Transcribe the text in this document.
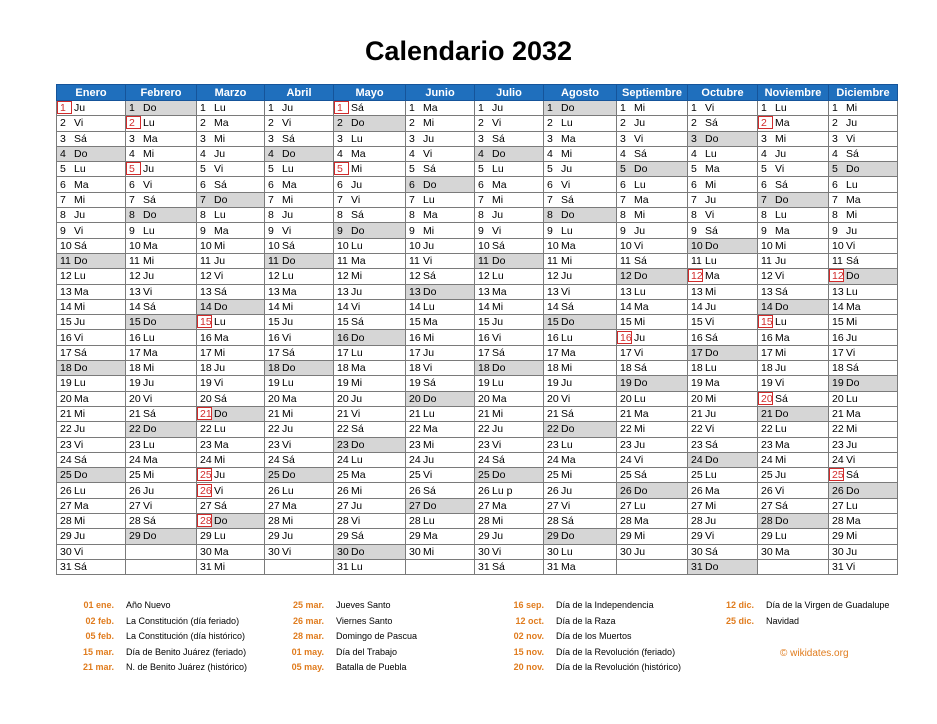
Calendario 2032
Enero	Febrero	Marzo	Abril	Mayo	Junio	Julio	Agosto	Septiembre	Octubre	Noviembre	Diciembre
1 Ju	1 Do	1 Lu	1 Ju	1 Sá	1 Ma	1 Ju	1 Do	1 Mi	1 Vi	1 Lu	1 Mi
2 Vi	2 Lu	2 Ma	2 Vi	2 Do	2 Mi	2 Vi	2 Lu	2 Ju	2 Sá	2 Ma	2 Ju
3 Sá	3 Ma	3 Mi	3 Sá	3 Lu	3 Ju	3 Sá	3 Ma	3 Vi	3 Do	3 Mi	3 Vi
4 Do	4 Mi	4 Ju	4 Do	4 Ma	4 Vi	4 Do	4 Mi	4 Sá	4 Lu	4 Ju	4 Sá
5 Lu	5 Ju	5 Vi	5 Lu	5 Mi	5 Sá	5 Lu	5 Ju	5 Do	5 Ma	5 Vi	5 Do
6 Ma	6 Vi	6 Sá	6 Ma	6 Ju	6 Do	6 Ma	6 Vi	6 Lu	6 Mi	6 Sá	6 Lu
7 Mi	7 Sá	7 Do	7 Mi	7 Vi	7 Lu	7 Mi	7 Sá	7 Ma	7 Ju	7 Do	7 Ma
8 Ju	8 Do	8 Lu	8 Ju	8 Sá	8 Ma	8 Ju	8 Do	8 Mi	8 Vi	8 Lu	8 Mi
9 Vi	9 Lu	9 Ma	9 Vi	9 Do	9 Mi	9 Vi	9 Lu	9 Ju	9 Sá	9 Ma	9 Ju
10 Sá	10 Ma	10 Mi	10 Sá	10 Lu	10 Ju	10 Sá	10 Ma	10 Vi	10 Do	10 Mi	10 Vi
11 Do	11 Mi	11 Ju	11 Do	11 Ma	11 Vi	11 Do	11 Mi	11 Sá	11 Lu	11 Ju	11 Sá
12 Lu	12 Ju	12 Vi	12 Lu	12 Mi	12 Sá	12 Lu	12 Ju	12 Do	12 Ma	12 Vi	12 Do
13 Ma	13 Vi	13 Sá	13 Ma	13 Ju	13 Do	13 Ma	13 Vi	13 Lu	13 Mi	13 Sá	13 Lu
14 Mi	14 Sá	14 Do	14 Mi	14 Vi	14 Lu	14 Mi	14 Sá	14 Ma	14 Ju	14 Do	14 Ma
15 Ju	15 Do	15 Lu	15 Ju	15 Sá	15 Ma	15 Ju	15 Do	15 Mi	15 Vi	15 Lu	15 Mi
16 Vi	16 Lu	16 Ma	16 Vi	16 Do	16 Mi	16 Vi	16 Lu	16 Ju	16 Sá	16 Ma	16 Ju
17 Sá	17 Ma	17 Mi	17 Sá	17 Lu	17 Ju	17 Sá	17 Ma	17 Vi	17 Do	17 Mi	17 Vi
18 Do	18 Mi	18 Ju	18 Do	18 Ma	18 Vi	18 Do	18 Mi	18 Sá	18 Lu	18 Ju	18 Sá
19 Lu	19 Ju	19 Vi	19 Lu	19 Mi	19 Sá	19 Lu	19 Ju	19 Do	19 Ma	19 Vi	19 Do
20 Ma	20 Vi	20 Sá	20 Ma	20 Ju	20 Do	20 Ma	20 Vi	20 Lu	20 Mi	20 Sá	20 Lu
21 Mi	21 Sá	21 Do	21 Mi	21 Vi	21 Lu	21 Mi	21 Sá	21 Ma	21 Ju	21 Do	21 Ma
22 Ju	22 Do	22 Lu	22 Ju	22 Sá	22 Ma	22 Ju	22 Do	22 Mi	22 Vi	22 Lu	22 Mi
23 Vi	23 Lu	23 Ma	23 Vi	23 Do	23 Mi	23 Vi	23 Lu	23 Ju	23 Sá	23 Ma	23 Ju
24 Sá	24 Ma	24 Mi	24 Sá	24 Lu	24 Ju	24 Sá	24 Ma	24 Vi	24 Do	24 Mi	24 Vi
25 Do	25 Mi	25 Ju	25 Do	25 Ma	25 Vi	25 Do	25 Mi	25 Sá	25 Lu	25 Ju	25 Sá
26 Lu	26 Ju	26 Vi	26 Lu	26 Mi	26 Sá	26 Lu p	26 Ju	26 Do	26 Ma	26 Vi	26 Do
27 Ma	27 Vi	27 Sá	27 Ma	27 Ju	27 Do	27 Ma	27 Vi	27 Lu	27 Mi	27 Sá	27 Lu
28 Mi	28 Sá	28 Do	28 Mi	28 Vi	28 Lu	28 Mi	28 Sá	28 Ma	28 Ju	28 Do	28 Ma
29 Ju	29 Do	29 Lu	29 Ju	29 Sá	29 Ma	29 Ju	29 Do	29 Mi	29 Vi	29 Lu	29 Mi
30 Vi		30 Ma	30 Vi	30 Do	30 Mi	30 Vi	30 Lu	30 Ju	30 Sá	30 Ma	30 Ju
31 Sá		31 Mi		31 Lu		31 Sá	31 Ma		31 Do		31 Vi
01 ene. Año Nuevo
02 feb. La Constitución (día feriado)
05 feb. La Constitución (día histórico)
15 mar. Día de Benito Juárez (feriado)
21 mar. N. de Benito Juárez (histórico)
25 mar. Jueves Santo
26 mar. Viernes Santo
28 mar. Domingo de Pascua
01 may. Día del Trabajo
05 may. Batalla de Puebla
16 sep. Día de la Independencia
12 oct. Día de la Raza
02 nov. Día de los Muertos
15 nov. Día de la Revolución (feriado)
20 nov. Día de la Revolución (histórico)
12 dic. Día de la Virgen de Guadalupe
25 dic. Navidad
© wikidates.org
